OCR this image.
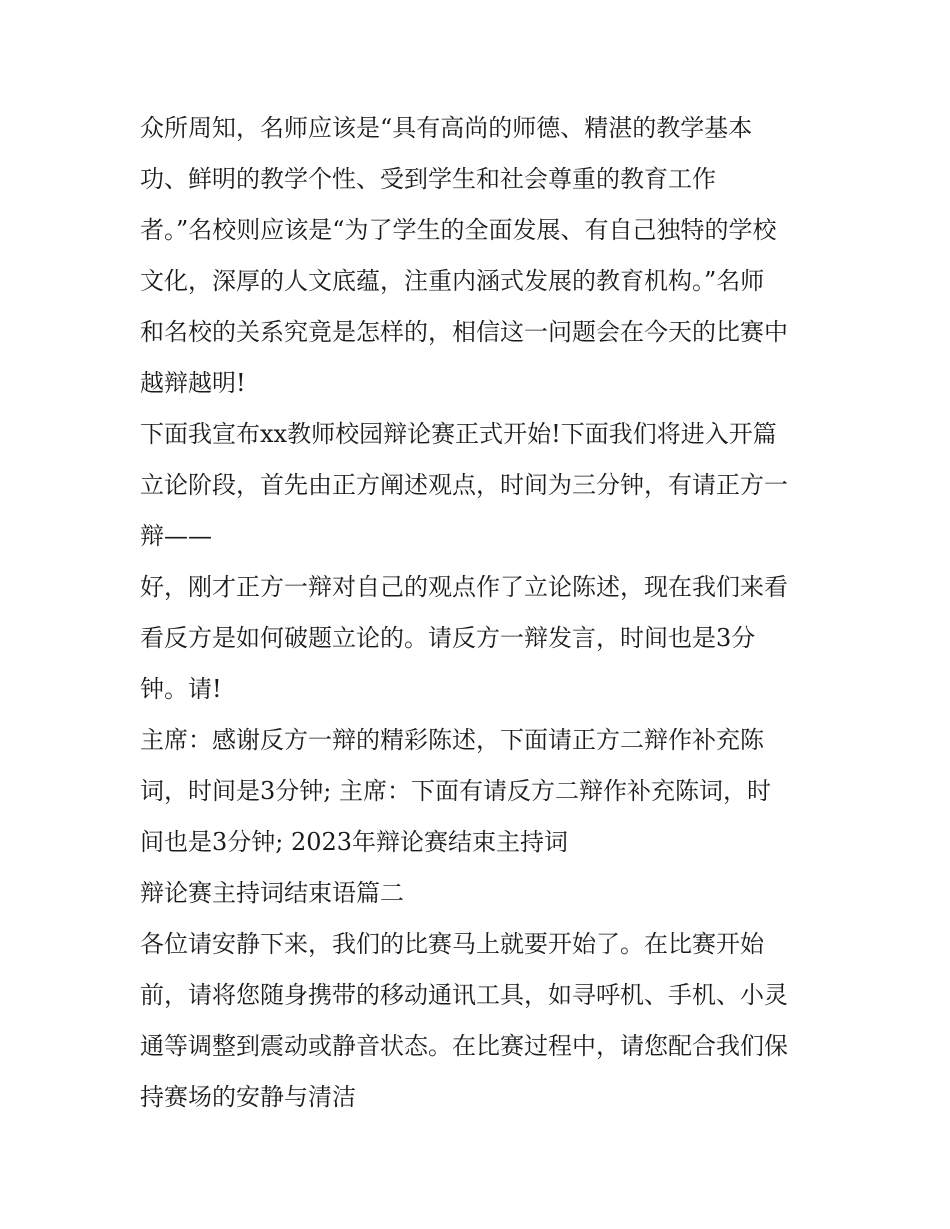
众所周知，名师应该是“具有高尚的师德、精湛的教学基本
功、鲜明的教学个性、受到学生和社会尊重的教育工作
者。”名校则应该是“为了学生的全面发展、有自己独特的学校
文化，深厚的人文底蕴，注重内涵式发展的教育机构。”名师
和名校的关系究竟是怎样的，相信这一问题会在今天的比赛中
越辩越明!

下面我宣布xx教师校园辩论赛正式开始!下面我们将进入开篇
立论阶段，首先由正方阐述观点，时间为三分钟，有请正方一
辩——

好，刚才正方一辩对自己的观点作了立论陈述，现在我们来看
看反方是如何破题立论的。请反方一辩发言，时间也是3分
钟。请!

主席：感谢反方一辩的精彩陈述，下面请正方二辩作补充陈
词，时间是3分钟; 主席：下面有请反方二辩作补充陈词，时
间也是3分钟; 2023年辩论赛结束主持词

辩论赛主持词结束语篇二

各位请安静下来，我们的比赛马上就要开始了。在比赛开始
前，请将您随身携带的移动通讯工具，如寻呼机、手机、小灵
通等调整到震动或静音状态。在比赛过程中，请您配合我们保
持赛场的安静与清洁
